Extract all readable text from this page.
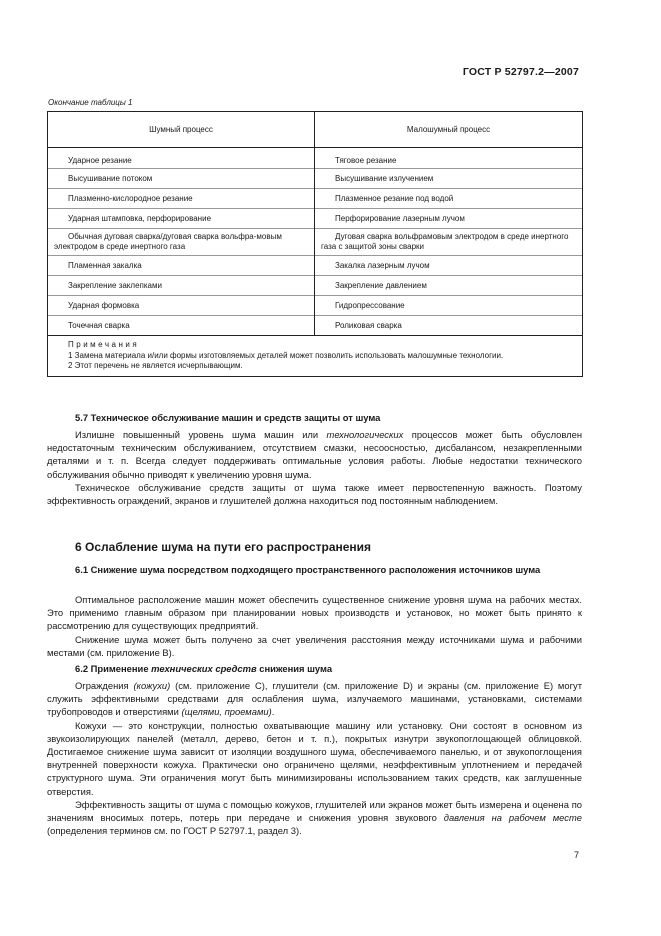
ГОСТ Р 52797.2—2007
Окончание таблицы 1
Шумный процесс	Малошумный процесс
Ударное резание	Тяговое резание
Высушивание потоком	Высушивание излучением
Плазменно-кислородное резание	Плазменное резание под водой
Ударная штамповка, перфорирование	Перфорирование лазерным лучом
Обычная дуговая сварка/дуговая сварка вольфра-мовым электродом в среде инертного газа	Дуговая сварка вольфрамовым электродом в среде инертного газа с защитой зоны сварки
Пламенная закалка	Закалка лазерным лучом
Закрепление заклепками	Закрепление давлением
Ударная формовка	Гидропрессование
Точечная сварка	Роликовая сварка

Примечания
1 Замена материала и/или формы изготовляемых деталей может позволить использовать малошумные технологии.
2 Этот перечень не является исчерпывающим.	
5.7 Техническое обслуживание машин и средств защиты от шума

Излишне повышенный уровень шума машин или технологических процессов может быть обусловлен недостаточным техническим обслуживанием, отсутствием смазки, несоосностью, дисбалансом, незакрепленными деталями и т. п. Всегда следует поддерживать оптимальные условия работы. Любые недостатки технического обслуживания обычно приводят к увеличению уровня шума.

Техническое обслуживание средств защиты от шума также имеет первостепенную важность. Поэтому эффективность ограждений, экранов и глушителей должна находиться под постоянным наблюдением.

6 Ослабление шума на пути его распространения
6.1 Снижение шума посредством подходящего пространственного расположения источников шума

Оптимальное расположение машин может обеспечить существенное снижение уровня шума на рабочих местах. Это применимо главным образом при планировании новых производств и установок, но может быть принято к рассмотрению для существующих предприятий.

Снижение шума может быть получено за счет увеличения расстояния между источниками шума и рабочими местами (см. приложение В).

6.2 Применение технических средств снижения шума

Ограждения (кожухи) (см. приложение С), глушители (см. приложение D) и экраны (см. приложение Е) могут служить эффективными средствами для ослабления шума, излучаемого машинами, установками, системами трубопроводов и отверстиями (щелями, проемами).

Кожухи — это конструкции, полностью охватывающие машину или установку. Они состоят в основном из звукоизолирующих панелей (металл, дерево, бетон и т. п.), покрытых изнутри звукопоглощающей облицовкой. Достигаемое снижение шума зависит от изоляции воздушного шума, обеспечиваемого панелью, и от звукопоглощения внутренней поверхности кожуха. Практически оно ограничено щелями, неэффективным уплотнением и передачей структурного шума. Эти ограничения могут быть минимизированы использованием таких средств, как заглушенные отверстия.

Эффективность защиты от шума с помощью кожухов, глушителей или экранов может быть измерена и оценена по значениям вносимых потерь, потерь при передаче и снижения уровня звукового давления на рабочем месте (определения терминов см. по ГОСТ Р 52797.1, раздел 3).

7
